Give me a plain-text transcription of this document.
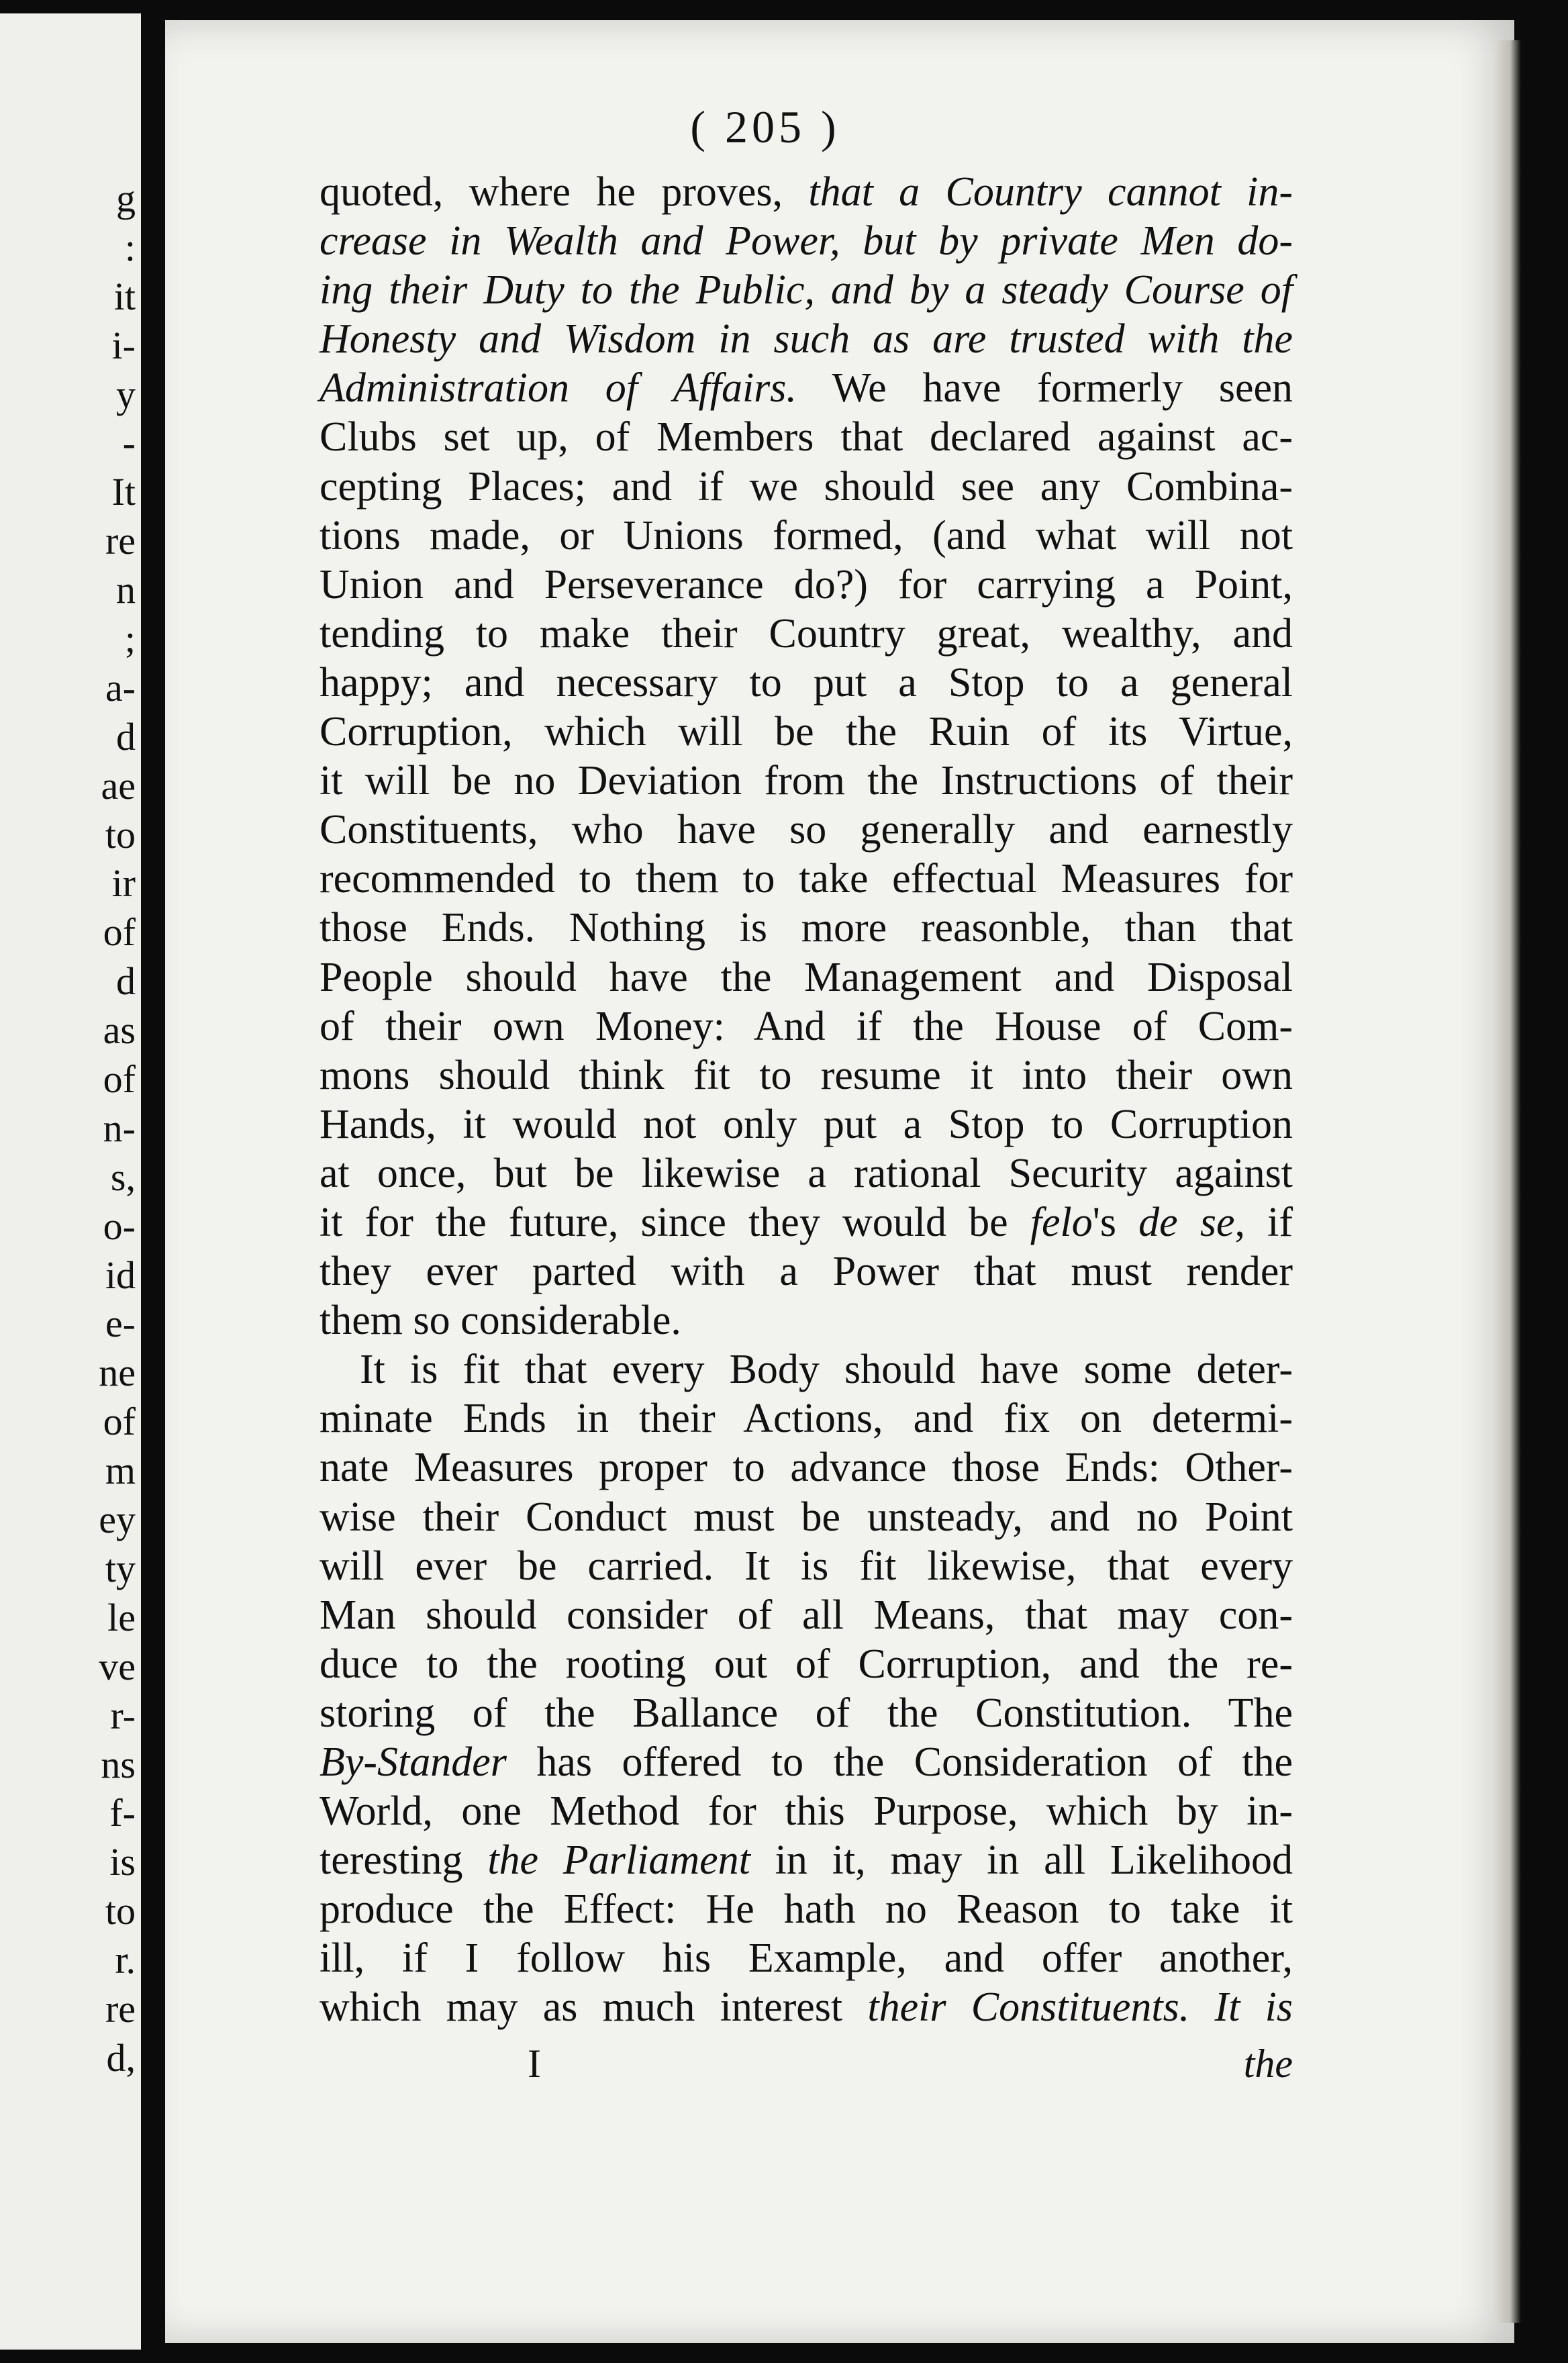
g
:
it
i-
y
-
It
re
n
;
a-
d
ae
to
ir
of
d
as
of
n-
s,
o-
id
e-
ne
of
m
ey
ty
le
ve
r-
ns
f-
is
to
r.
re
d,
( 205 )
quoted, where he proves, that a Country cannot in-
crease in Wealth and Power, but by private Men do-
ing their Duty to the Public, and by a steady Course of
Honesty and Wisdom in such as are trusted with the
Administration of Affairs. We have formerly seen
Clubs set up, of Members that declared against ac-
cepting Places; and if we should see any Combina-
tions made, or Unions formed, (and what will not
Union and Perseverance do?) for carrying a Point,
tending to make their Country great, wealthy, and
happy; and necessary to put a Stop to a general
Corruption, which will be the Ruin of its Virtue,
it will be no Deviation from the Instructions of their
Constituents, who have so generally and earnestly
recommended to them to take effectual Measures for
those Ends. Nothing is more reasonble, than that
People should have the Management and Disposal
of their own Money: And if the House of Com-
mons should think fit to resume it into their own
Hands, it would not only put a Stop to Corruption
at once, but be likewise a rational Security against
it for the future, since they would be felo's de se, if
they ever parted with a Power that must render
them so considerable.
It is fit that every Body should have some deter-
minate Ends in their Actions, and fix on determi-
nate Measures proper to advance those Ends: Other-
wise their Conduct must be unsteady, and no Point
will ever be carried. It is fit likewise, that every
Man should consider of all Means, that may con-
duce to the rooting out of Corruption, and the re-
storing of the Ballance of the Constitution. The
By-Stander has offered to the Consideration of the
World, one Method for this Purpose, which by in-
teresting the Parliament in it, may in all Likelihood
produce the Effect: He hath no Reason to take it
ill, if I follow his Example, and offer another,
which may as much interest their Constituents. It is
I	the
